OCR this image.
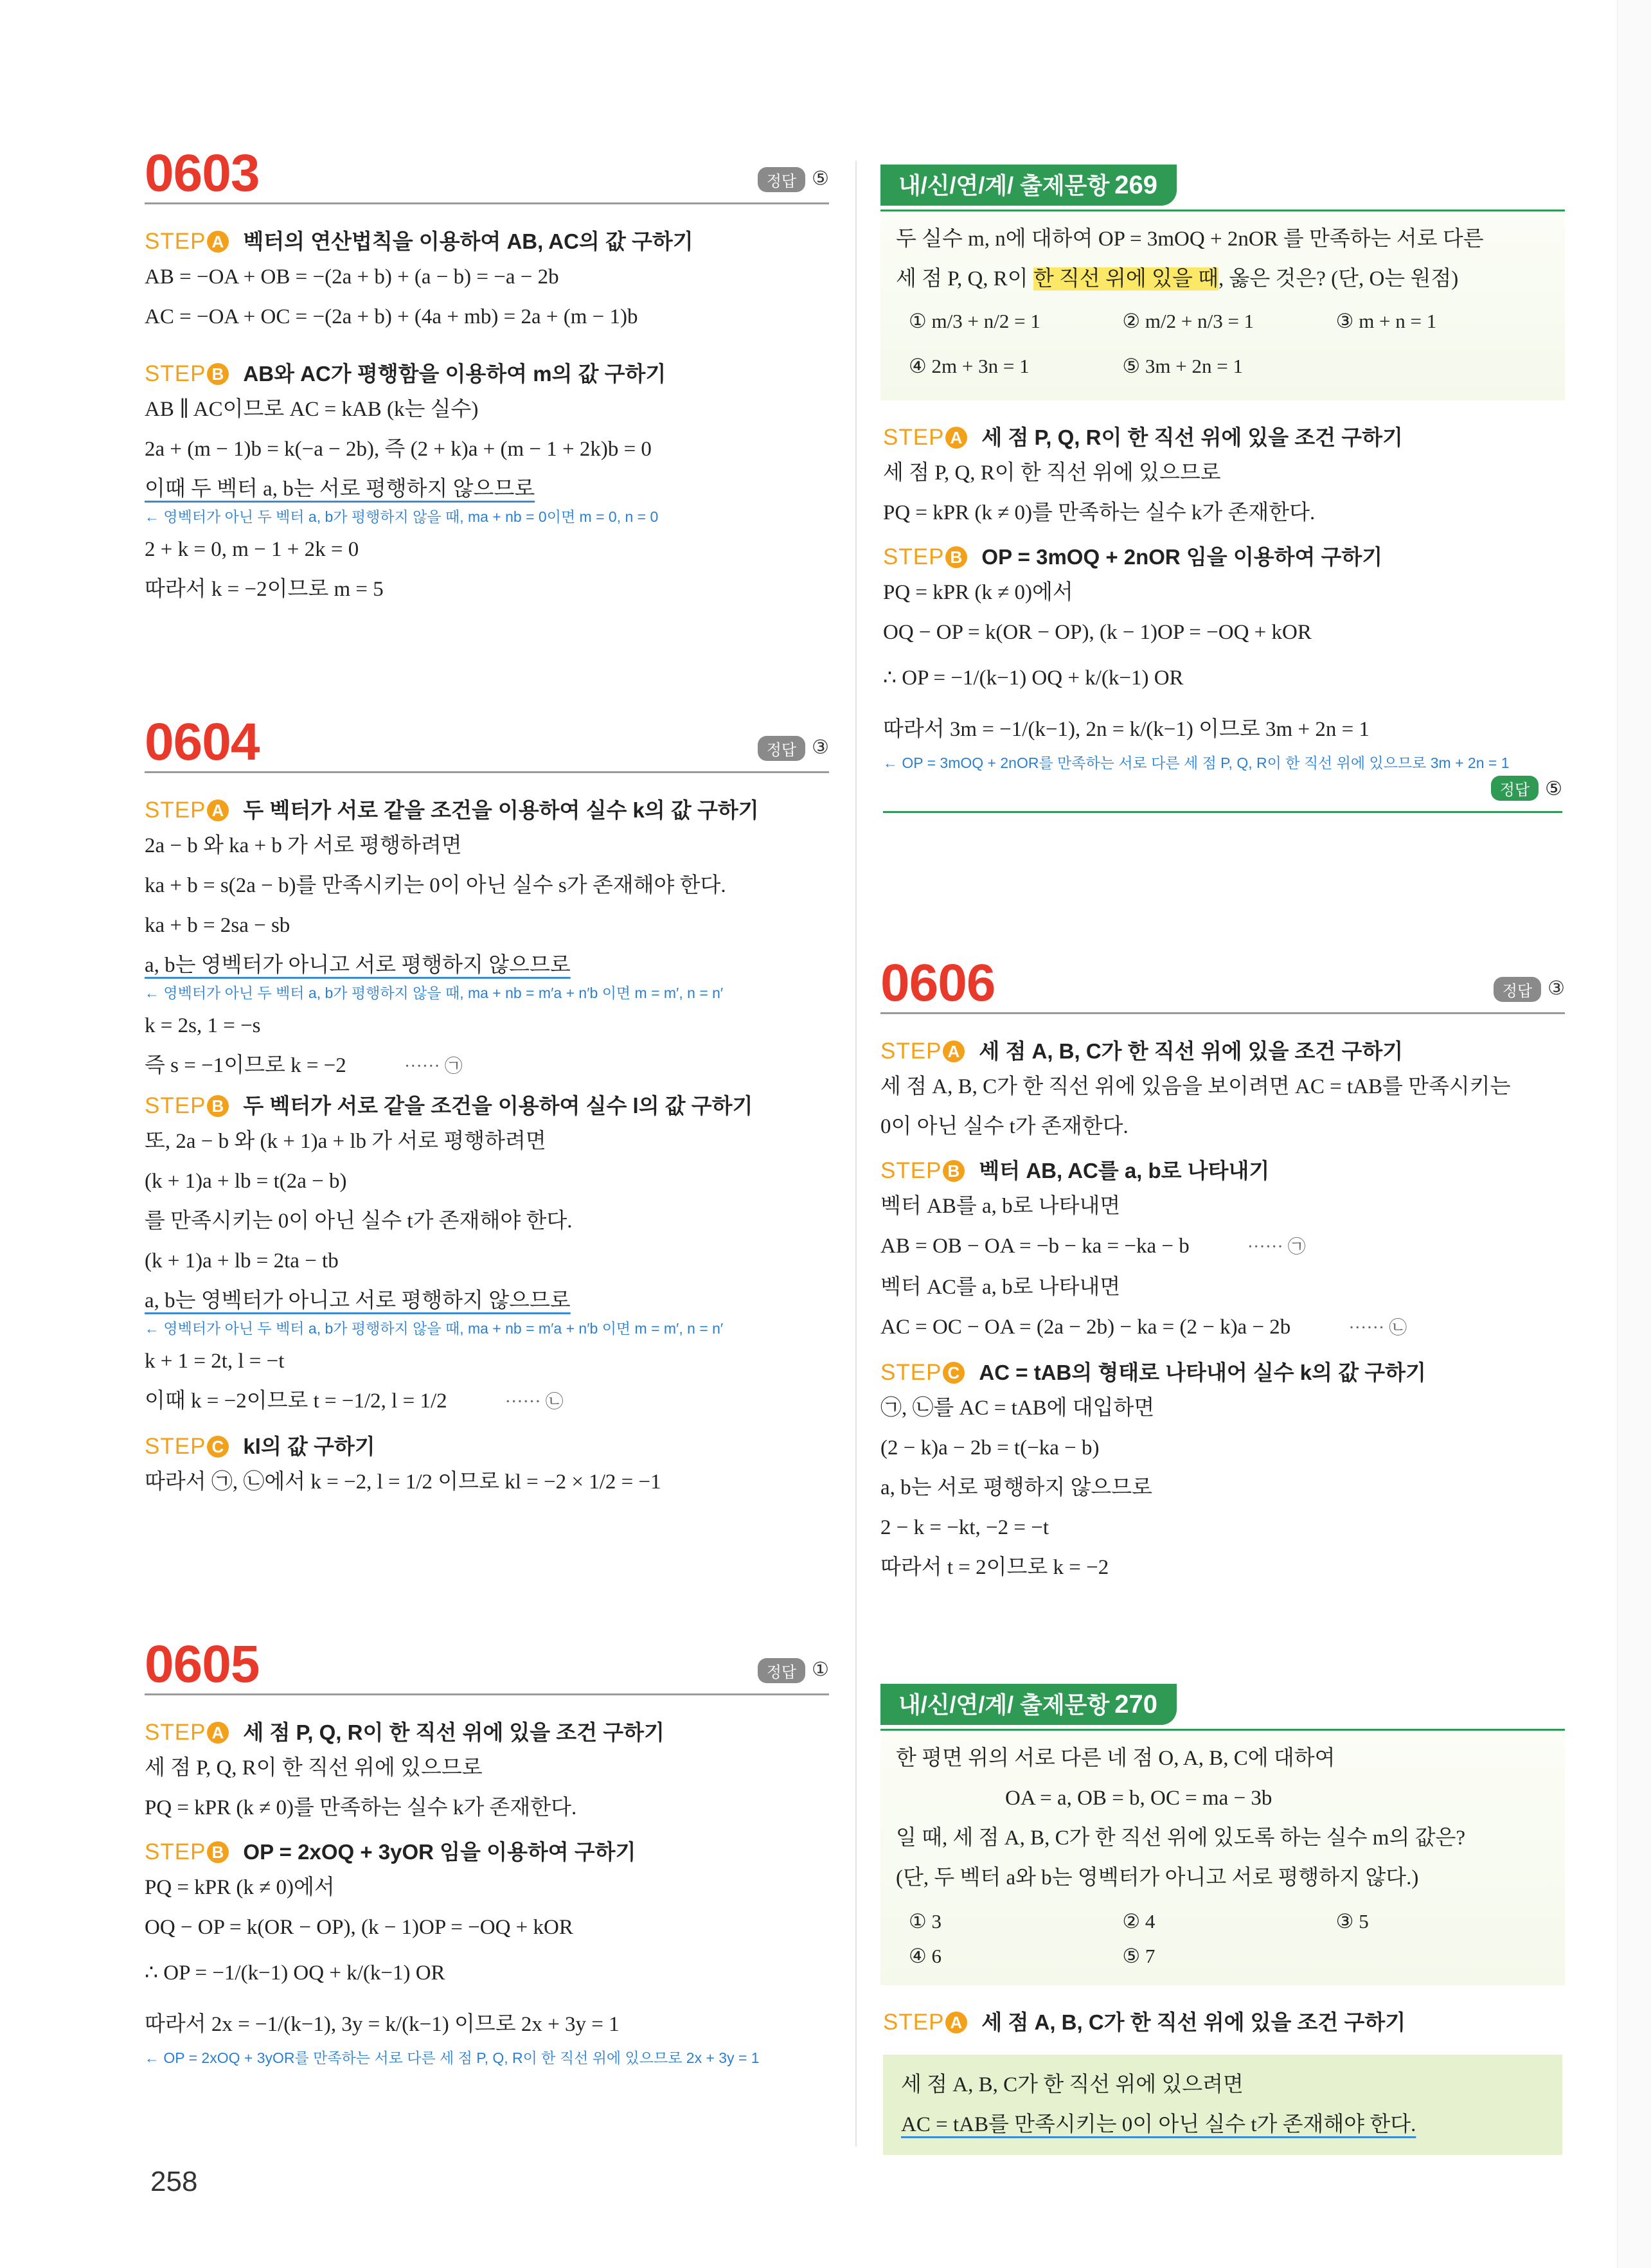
0603	정답 ⑤
STEP A 벡터의 연산법칙을 이용하여 AB, AC의 값 구하기
AB = −OA + OB = −(2a + b) + (a − b) = −a − 2b
AC = −OA + OC = −(2a + b) + (4a + mb) = 2a + (m − 1)b
STEP B AB와 AC가 평행함을 이용하여 m의 값 구하기
AB ∥ AC이므로 AC = kAB (k는 실수)
2a + (m − 1)b = k(−a − 2b), 즉 (2 + k)a + (m − 1 + 2k)b = 0
이때 두 벡터 a, b는 서로 평행하지 않으므로
← 영벡터가 아닌 두 벡터 a, b가 평행하지 않을 때, ma + nb = 0이면 m = 0, n = 0
2 + k = 0, m − 1 + 2k = 0
따라서 k = −2이므로 m = 5
0604	정답 ③
STEP A 두 벡터가 서로 같을 조건을 이용하여 실수 k의 값 구하기
2a − b 와 ka + b 가 서로 평행하려면
ka + b = s(2a − b)를 만족시키는 0이 아닌 실수 s가 존재해야 한다.
ka + b = 2sa − sb
a, b는 영벡터가 아니고 서로 평행하지 않으므로
← 영벡터가 아닌 두 벡터 a, b가 평행하지 않을 때, ma + nb = m′a + n′b 이면 m = m′, n = n′
k = 2s, 1 = −s
즉 s = −1이므로 k = −2	······ ㉠
STEP B 두 벡터가 서로 같을 조건을 이용하여 실수 l의 값 구하기
또, 2a − b 와 (k + 1)a + lb 가 서로 평행하려면
(k + 1)a + lb = t(2a − b)
를 만족시키는 0이 아닌 실수 t가 존재해야 한다.
(k + 1)a + lb = 2ta − tb
a, b는 영벡터가 아니고 서로 평행하지 않으므로
← 영벡터가 아닌 두 벡터 a, b가 평행하지 않을 때, ma + nb = m′a + n′b 이면 m = m′, n = n′
k + 1 = 2t, l = −t
이때 k = −2이므로 t = −1/2, l = 1/2	······ ㉡
STEP C kl의 값 구하기
따라서 ㉠, ㉡에서 k = −2, l = 1/2 이므로 kl = −2 × 1/2 = −1
0605	정답 ①
STEP A 세 점 P, Q, R이 한 직선 위에 있을 조건 구하기
세 점 P, Q, R이 한 직선 위에 있으므로
PQ = kPR (k ≠ 0)를 만족하는 실수 k가 존재한다.
STEP B OP = 2xOQ + 3yOR 임을 이용하여 구하기
PQ = kPR (k ≠ 0)에서
OQ − OP = k(OR − OP), (k − 1)OP = −OQ + kOR
∴ OP = −1/(k−1) OQ + k/(k−1) OR
따라서 2x = −1/(k−1), 3y = k/(k−1) 이므로 2x + 3y = 1
← OP = 2xOQ + 3yOR를 만족하는 서로 다른 세 점 P, Q, R이 한 직선 위에 있으므로 2x + 3y = 1
내/신/연/계/ 출제문항 269
두 실수 m, n에 대하여 OP = 3mOQ + 2nOR 를 만족하는 서로 다른
세 점 P, Q, R이 한 직선 위에 있을 때, 옳은 것은? (단, O는 원점)
① m/3 + n/2 = 1	② m/2 + n/3 = 1	③ m + n = 1
④ 2m + 3n = 1	⑤ 3m + 2n = 1
STEP A 세 점 P, Q, R이 한 직선 위에 있을 조건 구하기
세 점 P, Q, R이 한 직선 위에 있으므로
PQ = kPR (k ≠ 0)를 만족하는 실수 k가 존재한다.
STEP B OP = 3mOQ + 2nOR 임을 이용하여 구하기
PQ = kPR (k ≠ 0)에서
OQ − OP = k(OR − OP), (k − 1)OP = −OQ + kOR
∴ OP = −1/(k−1) OQ + k/(k−1) OR
따라서 3m = −1/(k−1), 2n = k/(k−1) 이므로 3m + 2n = 1
← OP = 3mOQ + 2nOR를 만족하는 서로 다른 세 점 P, Q, R이 한 직선 위에 있으므로 3m + 2n = 1
정답 ⑤
0606	정답 ③
STEP A 세 점 A, B, C가 한 직선 위에 있을 조건 구하기
세 점 A, B, C가 한 직선 위에 있음을 보이려면 AC = tAB를 만족시키는
0이 아닌 실수 t가 존재한다.
STEP B 벡터 AB, AC를 a, b로 나타내기
벡터 AB를 a, b로 나타내면
AB = OB − OA = −b − ka = −ka − b	······ ㉠
벡터 AC를 a, b로 나타내면
AC = OC − OA = (2a − 2b) − ka = (2 − k)a − 2b	······ ㉡
STEP C AC = tAB의 형태로 나타내어 실수 k의 값 구하기
㉠, ㉡를 AC = tAB에 대입하면
(2 − k)a − 2b = t(−ka − b)
a, b는 서로 평행하지 않으므로
2 − k = −kt, −2 = −t
따라서 t = 2이므로 k = −2
내/신/연/계/ 출제문항 270
한 평면 위의 서로 다른 네 점 O, A, B, C에 대하여
OA = a, OB = b, OC = ma − 3b
일 때, 세 점 A, B, C가 한 직선 위에 있도록 하는 실수 m의 값은?
(단, 두 벡터 a와 b는 영벡터가 아니고 서로 평행하지 않다.)
① 3	② 4	③ 5
④ 6	⑤ 7
STEP A 세 점 A, B, C가 한 직선 위에 있을 조건 구하기
세 점 A, B, C가 한 직선 위에 있으려면
AC = tAB를 만족시키는 0이 아닌 실수 t가 존재해야 한다.
258
